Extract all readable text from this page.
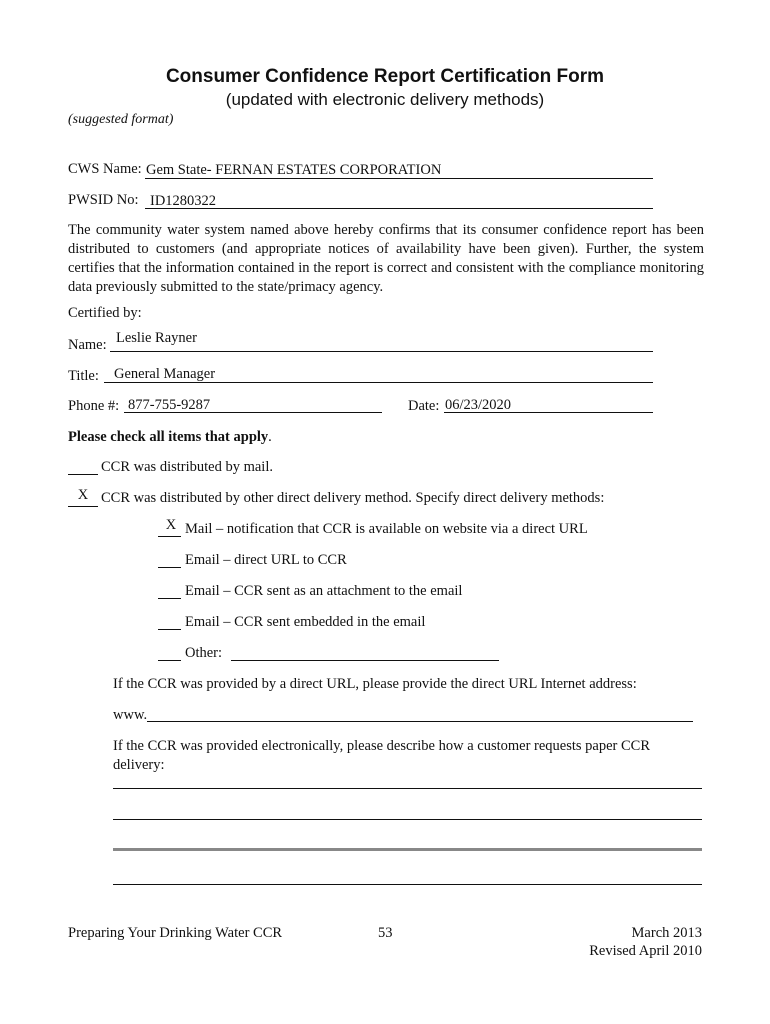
Consumer Confidence Report Certification Form
(updated with electronic delivery methods)
(suggested format)
CWS Name: Gem State- FERNAN ESTATES CORPORATION
PWSID No: ID1280322
The community water system named above hereby confirms that its consumer confidence report has been distributed to customers (and appropriate notices of availability have been given). Further, the system certifies that the information contained in the report is correct and consistent with the compliance monitoring data previously submitted to the state/primacy agency.
Certified by:
Name: Leslie Rayner
Title: General Manager
Phone #: 877-755-9287	Date: 06/23/2020
Please check all items that apply.
CCR was distributed by mail.
X CCR was distributed by other direct delivery method. Specify direct delivery methods:
X Mail – notification that CCR is available on website via a direct URL
Email – direct URL to CCR
Email – CCR sent as an attachment to the email
Email – CCR sent embedded in the email
Other:
If the CCR was provided by a direct URL, please provide the direct URL Internet address:
www.
If the CCR was provided electronically, please describe how a customer requests paper CCR delivery:
Preparing Your Drinking Water CCR	53	March 2013
Revised April 2010
